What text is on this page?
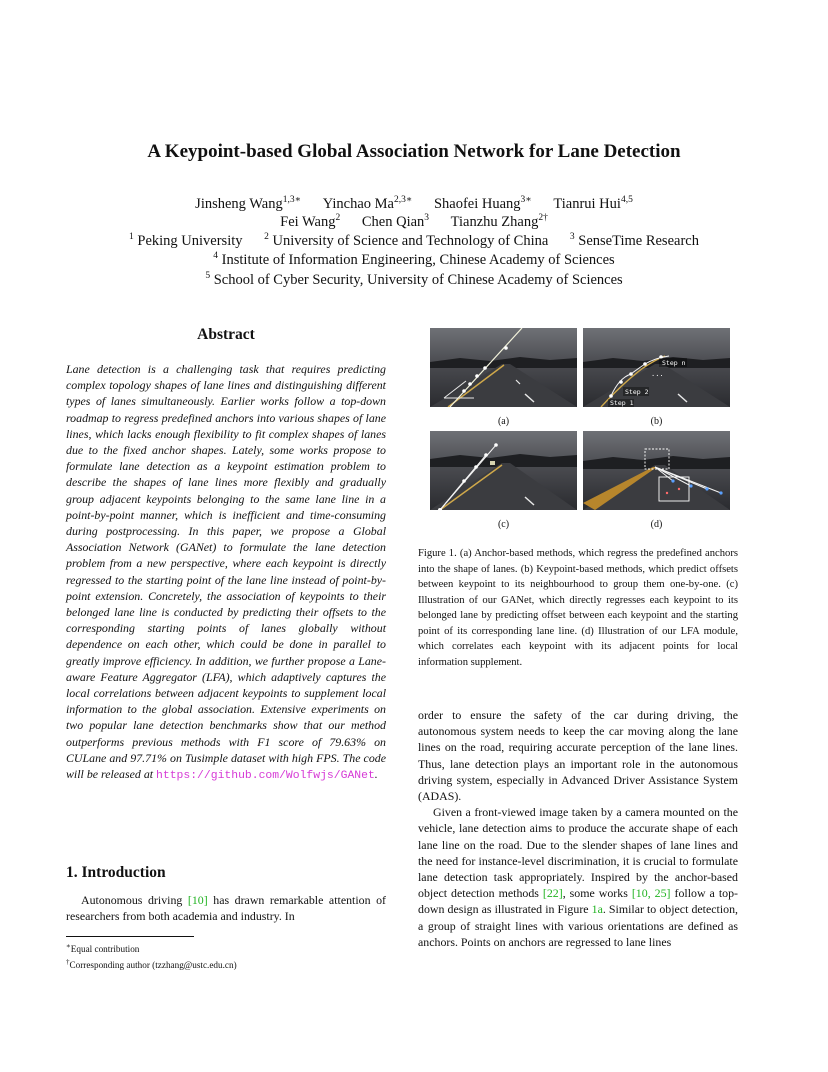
A Keypoint-based Global Association Network for Lane Detection
Jinsheng Wang$^{1,3∗}$ Yinchao $Ma^{2,3∗}$ Shaofei Huang$^{3∗}$ Tianrui Hui$^{4,5}$
Fei Wang$^2$ Chen Qian$^3$ Tianzhu Zhang$^{2\dagger}$
$^1$ Peking University $^2$ University of Science and Technology of China $^3$ SenseTime Research
$^4$ Institute of Information Engineering, Chinese Academy of Sciences
$^5$ School of Cyber Security, University of Chinese Academy of Sciences
Abstract
Lane detection is a challenging task that requires predicting complex topology shapes of lane lines and distinguishing different types of lanes simultaneously. Earlier works follow a top-down roadmap to regress predefined anchors into various shapes of lane lines, which lacks enough flexibility to fit complex shapes of lanes due to the fixed anchor shapes. Lately, some works propose to formulate lane detection as a keypoint estimation problem to describe the shapes of lane lines more flexibly and gradually group adjacent keypoints belonging to the same lane line in a point-by-point manner, which is inefficient and time-consuming during postprocessing. In this paper, we propose a Global Association Network (GANet) to formulate the lane detection problem from a new perspective, where each keypoint is directly regressed to the starting point of the lane line instead of point-by-point extension. Concretely, the association of keypoints to their belonged lane line is conducted by predicting their offsets to the corresponding starting points of lanes globally without dependence on each other, which could be done in parallel to greatly improve efficiency. In addition, we further propose a Lane-aware Feature Aggregator (LFA), which adaptively captures the local correlations between adjacent keypoints to supplement local information to the global association. Extensive experiments on two popular lane detection benchmarks show that our method outperforms previous methods with F1 score of 79.63% on CULane and 97.71% on Tusimple dataset with high FPS. The code will be released at https://github.com/Wolfwjs/GANet.
1. Introduction
Autonomous driving [10] has drawn remarkable attention of researchers from both academia and industry. In
∗Equal contribution
†Corresponding author (tzzhang@ustc.edu.cn)
(a)
Step n
...
Step 2
Step 1
(b)
(c)	(d)
Figure 1. (a) Anchor-based methods, which regress the predefined anchors into the shape of lanes. (b) Keypoint-based methods, which predict offsets between keypoint to its neighbourhood to group them one-by-one. (c) Illustration of our GANet, which directly regresses each keypoint to its belonged lane by predicting offset between each keypoint and the starting point of its corresponding lane line. (d) Illustration of our LFA module, which correlates each keypoint with its adjacent points for local information supplement.

order to ensure the safety of the car during driving, the autonomous system needs to keep the car moving along the lane lines on the road, requiring accurate perception of the lane lines. Thus, lane detection plays an important role in the autonomous driving system, especially in Advanced Driver Assistance System (ADAS).

Given a front-viewed image taken by a camera mounted on the vehicle, lane detection aims to produce the accurate shape of each lane line on the road. Due to the slender shapes of lane lines and the need for instance-level discrimination, it is crucial to formulate lane detection task appropriately. Inspired by the anchor-based object detection methods [22], some works [10, 25] follow a top-down design as illustrated in Figure 1a. Similar to object detection, a group of straight lines with various orientations are defined as anchors. Points on anchors are regressed to lane lines
